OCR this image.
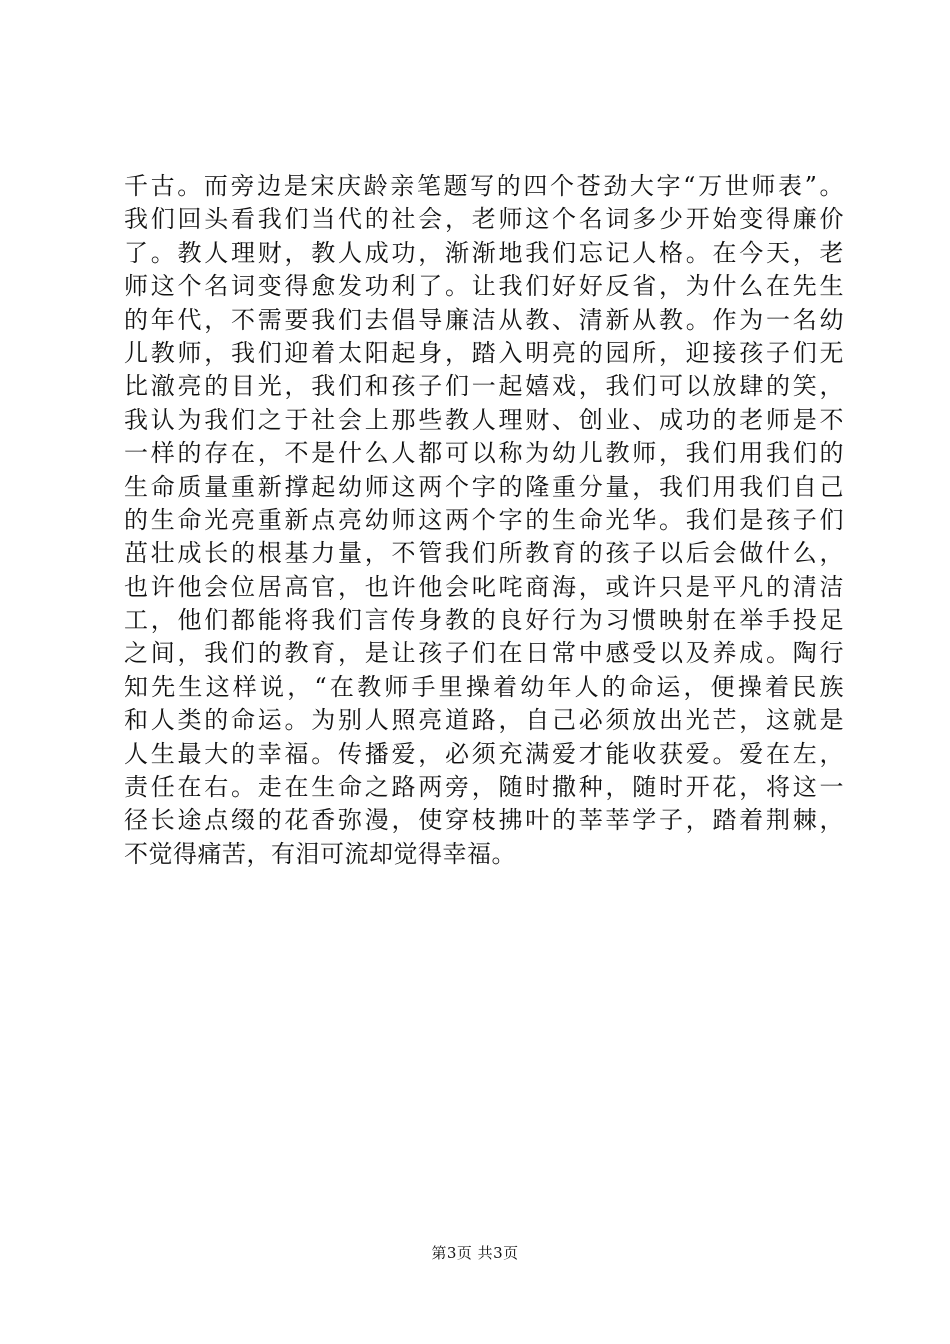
千古。而旁边是宋庆龄亲笔题写的四个苍劲大字“万世师表”。
我们回头看我们当代的社会，老师这个名词多少开始变得廉价
了。教人理财，教人成功，渐渐地我们忘记人格。在今天，老
师这个名词变得愈发功利了。让我们好好反省，为什么在先生
的年代，不需要我们去倡导廉洁从教、清新从教。作为一名幼
儿教师，我们迎着太阳起身，踏入明亮的园所，迎接孩子们无
比澈亮的目光，我们和孩子们一起嬉戏，我们可以放肆的笑，
我认为我们之于社会上那些教人理财、创业、成功的老师是不
一样的存在，不是什么人都可以称为幼儿教师，我们用我们的
生命质量重新撑起幼师这两个字的隆重分量，我们用我们自己
的生命光亮重新点亮幼师这两个字的生命光华。我们是孩子们
茁壮成长的根基力量，不管我们所教育的孩子以后会做什么，
也许他会位居高官，也许他会叱咤商海，或许只是平凡的清洁
工，他们都能将我们言传身教的良好行为习惯映射在举手投足
之间，我们的教育，是让孩子们在日常中感受以及养成。陶行
知先生这样说，“在教师手里操着幼年人的命运，便操着民族
和人类的命运。为别人照亮道路，自己必须放出光芒，这就是
人生最大的幸福。传播爱，必须充满爱才能收获爱。爱在左，
责任在右。走在生命之路两旁，随时撒种，随时开花，将这一
径长途点缀的花香弥漫，使穿枝拂叶的莘莘学子，踏着荆棘，
不觉得痛苦，有泪可流却觉得幸福。
第3页 共3页
